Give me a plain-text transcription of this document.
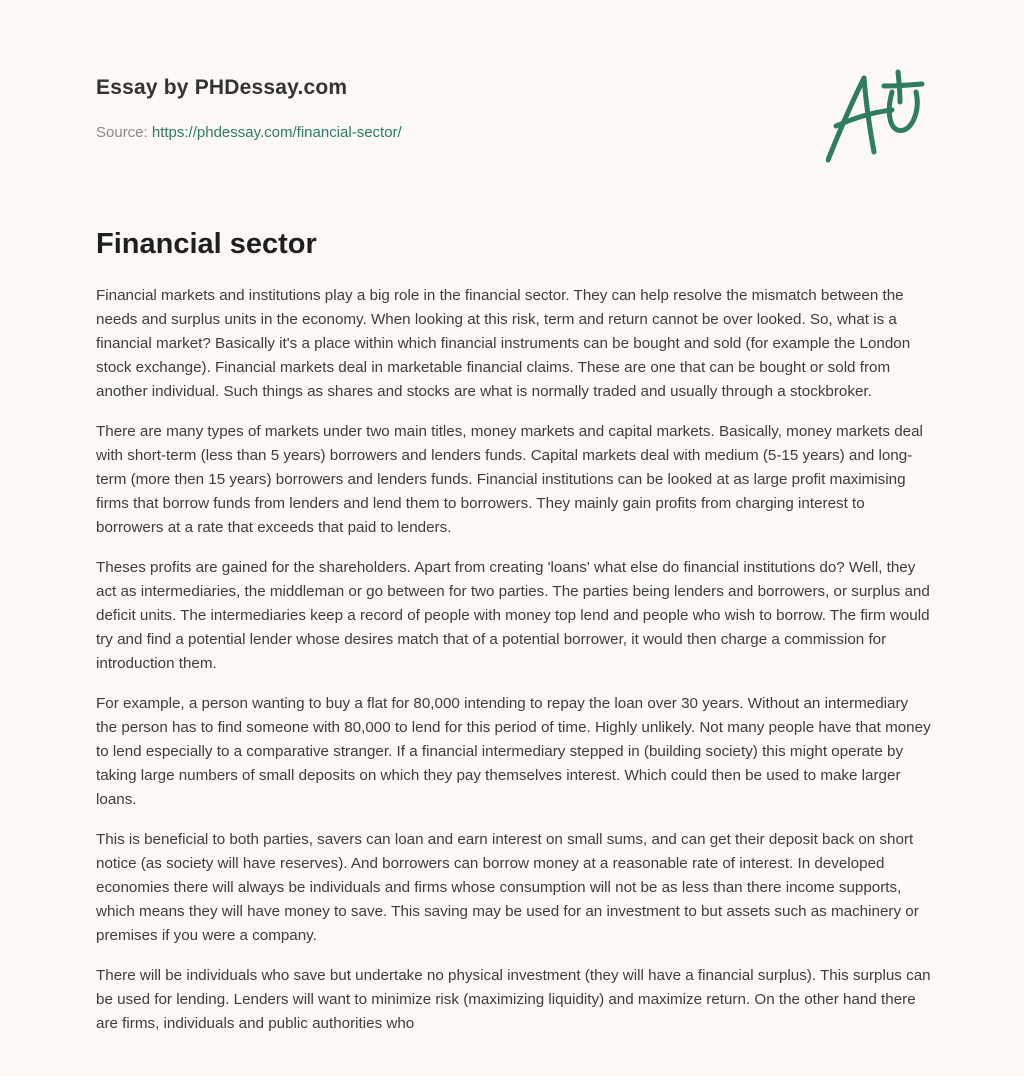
Essay by PHDessay.com
Source: https://phdessay.com/financial-sector/
Financial sector

Financial markets and institutions play a big role in the financial sector. They can help resolve the mismatch between the needs and surplus units in the economy. When looking at this risk, term and return cannot be over looked. So, what is a financial market? Basically it's a place within which financial instruments can be bought and sold (for example the London stock exchange). Financial markets deal in marketable financial claims. These are one that can be bought or sold from another individual. Such things as shares and stocks are what is normally traded and usually through a stockbroker.

There are many types of markets under two main titles, money markets and capital markets. Basically, money markets deal with short-term (less than 5 years) borrowers and lenders funds. Capital markets deal with medium (5-15 years) and long-term (more then 15 years) borrowers and lenders funds. Financial institutions can be looked at as large profit maximising firms that borrow funds from lenders and lend them to borrowers. They mainly gain profits from charging interest to borrowers at a rate that exceeds that paid to lenders.

Theses profits are gained for the shareholders. Apart from creating 'loans' what else do financial institutions do? Well, they act as intermediaries, the middleman or go between for two parties. The parties being lenders and borrowers, or surplus and deficit units. The intermediaries keep a record of people with money top lend and people who wish to borrow. The firm would try and find a potential lender whose desires match that of a potential borrower, it would then charge a commission for introduction them.

For example, a person wanting to buy a flat for 80,000 intending to repay the loan over 30 years. Without an intermediary the person has to find someone with 80,000 to lend for this period of time. Highly unlikely. Not many people have that money to lend especially to a comparative stranger. If a financial intermediary stepped in (building society) this might operate by taking large numbers of small deposits on which they pay themselves interest. Which could then be used to make larger loans.

This is beneficial to both parties, savers can loan and earn interest on small sums, and can get their deposit back on short notice (as society will have reserves). And borrowers can borrow money at a reasonable rate of interest. In developed economies there will always be individuals and firms whose consumption will not be as less than there income supports, which means they will have money to save. This saving may be used for an investment to but assets such as machinery or premises if you were a company.

There will be individuals who save but undertake no physical investment (they will have a financial surplus). This surplus can be used for lending. Lenders will want to minimize risk (maximizing liquidity) and maximize return. On the other hand there are firms, individuals and public authorities who
